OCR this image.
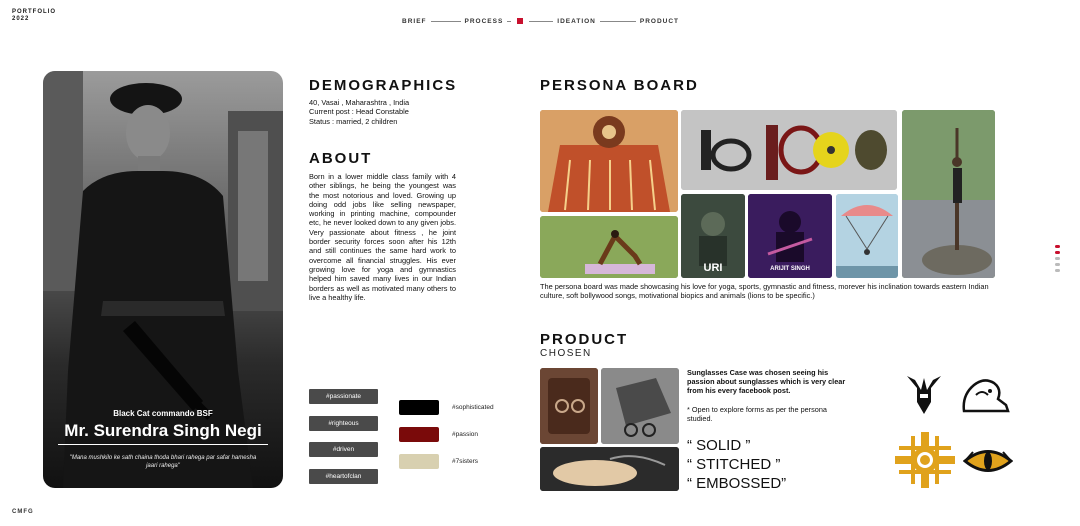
PORTFOLIO
2022
CMFG
BRIEF	PROCESS	IDEATION	PRODUCT
Black Cat commando BSF
Mr. Surendra Singh Negi
"Mana mushkilo ke sath chaina thoda bhari rahega par safar hamesha jaari rahega"
DEMOGRAPHICS
40, Vasai , Maharashtra , India
Current post : Head Constable
Status : married, 2 children
ABOUT
Born in a lower middle class family with 4 other siblings, he being the youngest was the most notorious and loved. Growing up doing odd jobs like selling newspaper, working in printing machine, compounder etc, he never looked down to any given jobs. Very passionate about fitness , he joint border security forces soon after his 12th and still continues the same hard work to overcome all financial struggles. His ever growing love for yoga and gymnastics helped him saved many lives in our Indian borders as well as motivated many others to live a healthy life.
#passionate
#righteous
#driven
#heartofclan
#sophisticated
#passion
#7sisters
PERSONA BOARD
URI	ARIJIT SINGH
The persona board was made showcasing his love for yoga, sports, gymnastic and fitness, morever his inclination towards eastern Indian culture, soft bollywood songs, motivational biopics and animals (lions to be specific.)
PRODUCT
CHOSEN
Sunglasses Case was chosen seeing his passion about sunglasses which is very clear from his every facebook post.
* Open to explore forms as per the persona studied.
“ SOLID ”
“ STITCHED ”
“ EMBOSSED”
